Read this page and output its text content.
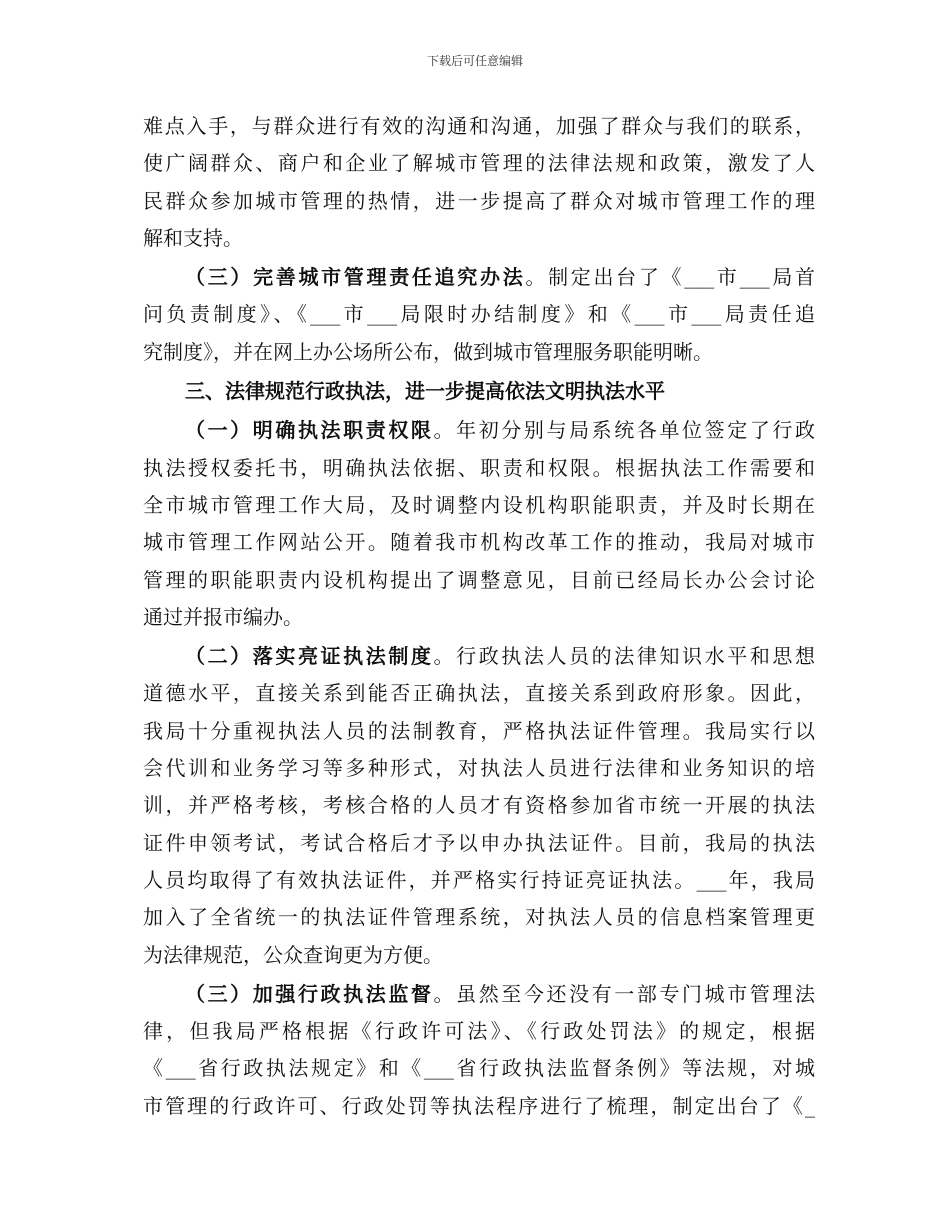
下载后可任意编辑
难点入手，与群众进行有效的沟通和沟通，加强了群众与我们的联系，
使广阔群众、商户和企业了解城市管理的法律法规和政策，激发了人
民群众参加城市管理的热情，进一步提高了群众对城市管理工作的理
解和支持。
（三）完善城市管理责任追究办法。制定出台了《___市___局首
问负责制度》、《___市___局限时办结制度》和《___市___局责任追
究制度》，并在网上办公场所公布，做到城市管理服务职能明晰。
三、法律规范行政执法，进一步提高依法文明执法水平
（一）明确执法职责权限。年初分别与局系统各单位签定了行政
执法授权委托书，明确执法依据、职责和权限。根据执法工作需要和
全市城市管理工作大局，及时调整内设机构职能职责，并及时长期在
城市管理工作网站公开。随着我市机构改革工作的推动，我局对城市
管理的职能职责内设机构提出了调整意见，目前已经局长办公会讨论
通过并报市编办。
（二）落实亮证执法制度。行政执法人员的法律知识水平和思想
道德水平，直接关系到能否正确执法，直接关系到政府形象。因此，
我局十分重视执法人员的法制教育，严格执法证件管理。我局实行以
会代训和业务学习等多种形式，对执法人员进行法律和业务知识的培
训，并严格考核，考核合格的人员才有资格参加省市统一开展的执法
证件申领考试，考试合格后才予以申办执法证件。目前，我局的执法
人员均取得了有效执法证件，并严格实行持证亮证执法。___年，我局
加入了全省统一的执法证件管理系统，对执法人员的信息档案管理更
为法律规范，公众查询更为方便。
（三）加强行政执法监督。虽然至今还没有一部专门城市管理法
律，但我局严格根据《行政许可法》、《行政处罚法》的规定，根据
《___省行政执法规定》和《___省行政执法监督条例》等法规，对城
市管理的行政许可、行政处罚等执法程序进行了梳理，制定出台了《_
